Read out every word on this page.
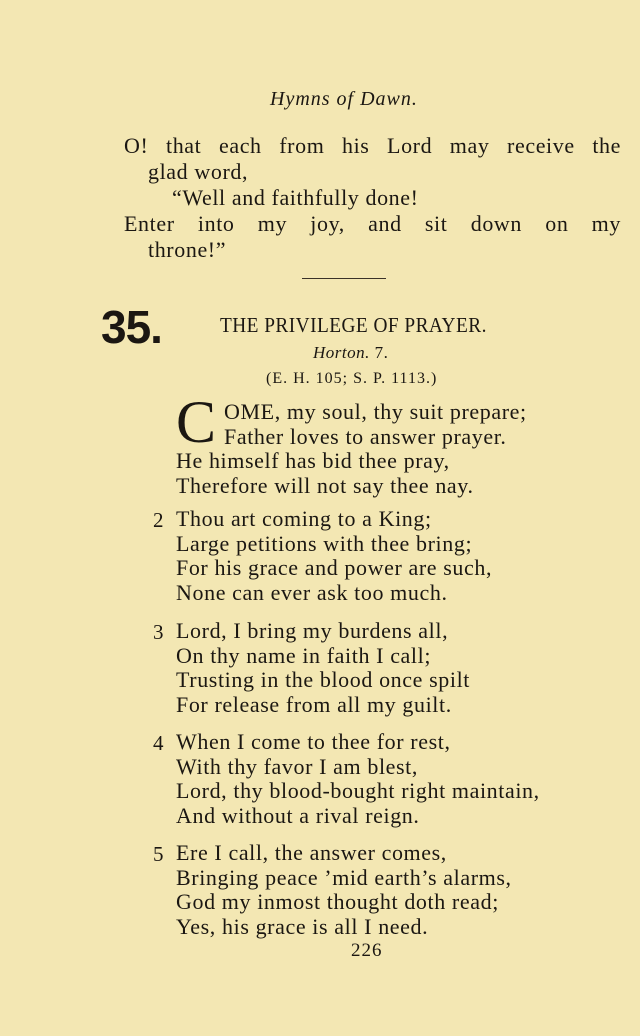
Hymns of Dawn.
O! that each from his Lord may receive the
glad word,
“Well and faithfully done!
Enter into my joy, and sit down on my
throne!”
35.	THE PRIVILEGE OF PRAYER.
Horton. 7.
(E. H. 105; S. P. 1113.)
C OME, my soul, thy suit prepare;
Father loves to answer prayer.
He himself has bid thee pray,
Therefore will not say thee nay.
2 Thou art coming to a King;
Large petitions with thee bring;
For his grace and power are such,
None can ever ask too much.
3 Lord, I bring my burdens all,
On thy name in faith I call;
Trusting in the blood once spilt
For release from all my guilt.
4 When I come to thee for rest,
With thy favor I am blest,
Lord, thy blood-bought right maintain,
And without a rival reign.
5 Ere I call, the answer comes,
Bringing peace ’mid earth’s alarms,
God my inmost thought doth read;
Yes, his grace is all I need.
226
